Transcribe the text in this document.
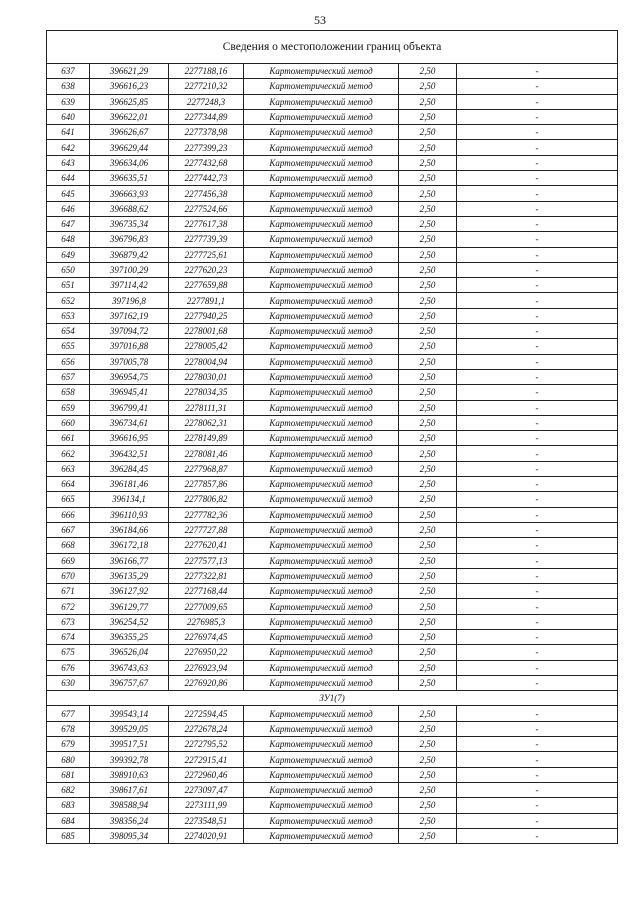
53
Сведения о местоположении границ объекта					
637	396621,29	2277188,16	Картометрический метод	2,50	-
638	396616,23	2277210,32	Картометрический метод	2,50	-
639	396625,85	2277248,3	Картометрический метод	2,50	-
640	396622,01	2277344,89	Картометрический метод	2,50	-
641	396626,67	2277378,98	Картометрический метод	2,50	-
642	396629,44	2277399,23	Картометрический метод	2,50	-
643	396634,06	2277432,68	Картометрический метод	2,50	-
644	396635,51	2277442,73	Картометрический метод	2,50	-
645	396663,93	2277456,38	Картометрический метод	2,50	-
646	396688,62	2277524,66	Картометрический метод	2,50	-
647	396735,34	2277617,38	Картометрический метод	2,50	-
648	396796,83	2277739,39	Картометрический метод	2,50	-
649	396879,42	2277725,61	Картометрический метод	2,50	-
650	397100,29	2277620,23	Картометрический метод	2,50	-
651	397114,42	2277659,88	Картометрический метод	2,50	-
652	397196,8	2277891,1	Картометрический метод	2,50	-
653	397162,19	2277940,25	Картометрический метод	2,50	-
654	397094,72	2278001,68	Картометрический метод	2,50	-
655	397016,88	2278005,42	Картометрический метод	2,50	-
656	397005,78	2278004,94	Картометрический метод	2,50	-
657	396954,75	2278030,01	Картометрический метод	2,50	-
658	396945,41	2278034,35	Картометрический метод	2,50	-
659	396799,41	2278111,31	Картометрический метод	2,50	-
660	396734,61	2278062,31	Картометрический метод	2,50	-
661	396616,95	2278149,89	Картометрический метод	2,50	-
662	396432,51	2278081,46	Картометрический метод	2,50	-
663	396284,45	2277968,87	Картометрический метод	2,50	-
664	396181,46	2277857,86	Картометрический метод	2,50	-
665	396134,1	2277806,82	Картометрический метод	2,50	-
666	396110,93	2277782,36	Картометрический метод	2,50	-
667	396184,66	2277727,88	Картометрический метод	2,50	-
668	396172,18	2277620,41	Картометрический метод	2,50	-
669	396166,77	2277577,13	Картометрический метод	2,50	-
670	396135,29	2277322,81	Картометрический метод	2,50	-
671	396127,92	2277168,44	Картометрический метод	2,50	-
672	396129,77	2277009,65	Картометрический метод	2,50	-
673	396254,52	2276985,3	Картометрический метод	2,50	-
674	396355,25	2276974,45	Картометрический метод	2,50	-
675	396526,04	2276950,22	Картометрический метод	2,50	-
676	396743,63	2276923,94	Картометрический метод	2,50	-
630	396757,67	2276920,86	Картометрический метод	2,50	-
ЗУ1(7)					
677	399543,14	2272594,45	Картометрический метод	2,50	-
678	399529,05	2272678,24	Картометрический метод	2,50	-
679	399517,51	2272795,52	Картометрический метод	2,50	-
680	399392,78	2272915,41	Картометрический метод	2,50	-
681	398910,63	2272960,46	Картометрический метод	2,50	-
682	398617,61	2273097,47	Картометрический метод	2,50	-
683	398588,94	2273111,99	Картометрический метод	2,50	-
684	398356,24	2273548,51	Картометрический метод	2,50	-
685	398095,34	2274020,91	Картометрический метод	2,50	-
